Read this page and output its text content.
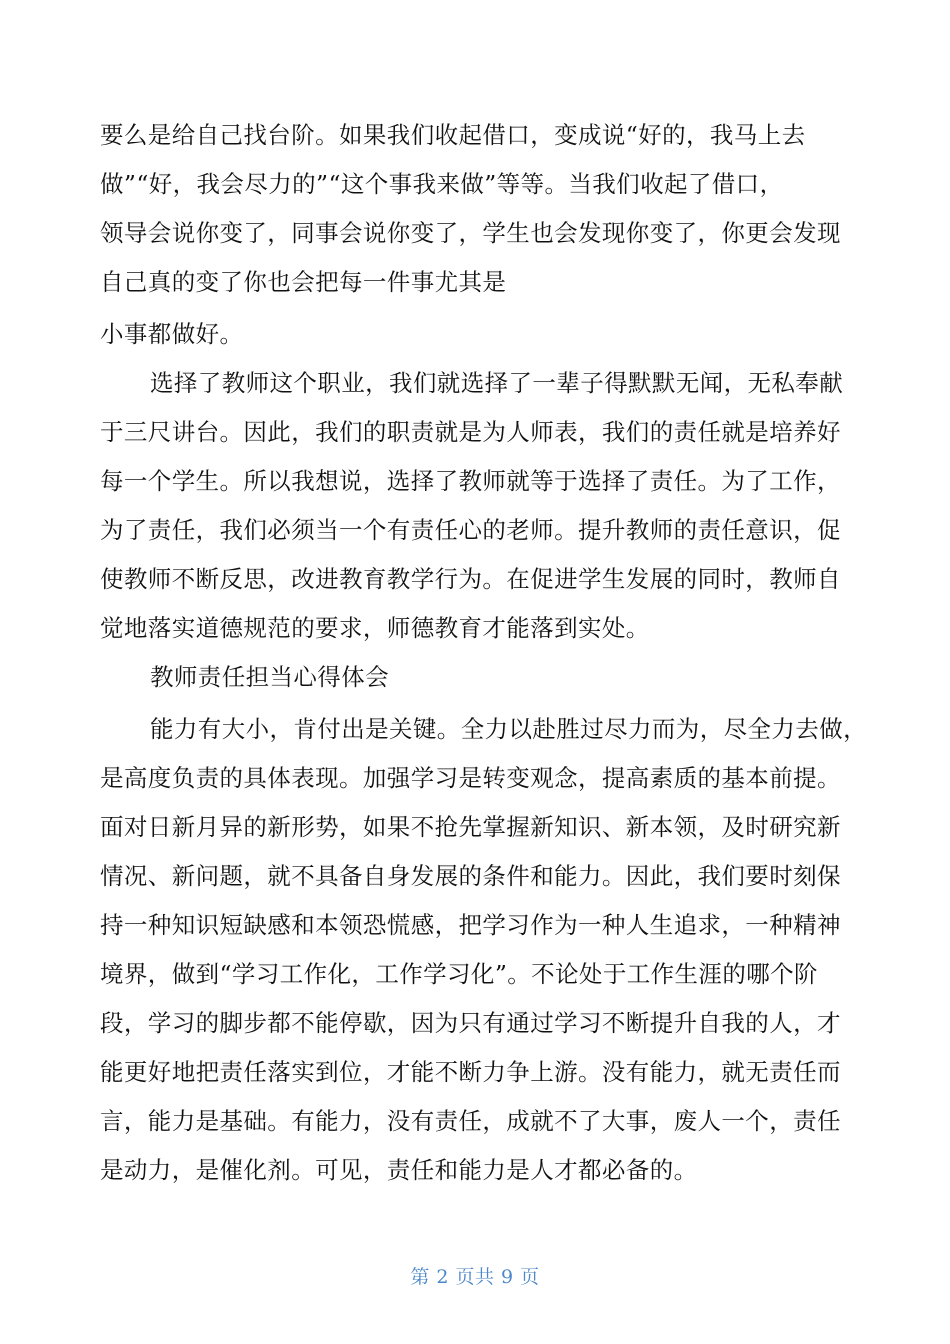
要么是给自己找台阶。如果我们收起借口，变成说“好的，我马上去
做”“好，我会尽力的”“这个事我来做”等等。当我们收起了借口，
领导会说你变了，同事会说你变了，学生也会发现你变了，你更会发现
自己真的变了你也会把每一件事尤其是
小事都做好。
选择了教师这个职业，我们就选择了一辈子得默默无闻，无私奉献
于三尺讲台。因此，我们的职责就是为人师表，我们的责任就是培养好
每一个学生。所以我想说，选择了教师就等于选择了责任。为了工作，
为了责任，我们必须当一个有责任心的老师。提升教师的责任意识，促
使教师不断反思，改进教育教学行为。在促进学生发展的同时，教师自
觉地落实道德规范的要求，师德教育才能落到实处。
教师责任担当心得体会
能力有大小，肯付出是关键。全力以赴胜过尽力而为，尽全力去做，
是高度负责的具体表现。加强学习是转变观念，提高素质的基本前提。
面对日新月异的新形势，如果不抢先掌握新知识、新本领，及时研究新
情况、新问题，就不具备自身发展的条件和能力。因此，我们要时刻保
持一种知识短缺感和本领恐慌感，把学习作为一种人生追求，一种精神
境界，做到“学习工作化，工作学习化”。不论处于工作生涯的哪个阶
段，学习的脚步都不能停歇，因为只有通过学习不断提升自我的人，才
能更好地把责任落实到位，才能不断力争上游。没有能力，就无责任而
言，能力是基础。有能力，没有责任，成就不了大事，废人一个，责任
是动力，是催化剂。可见，责任和能力是人才都必备的。
第 2 页共 9 页
